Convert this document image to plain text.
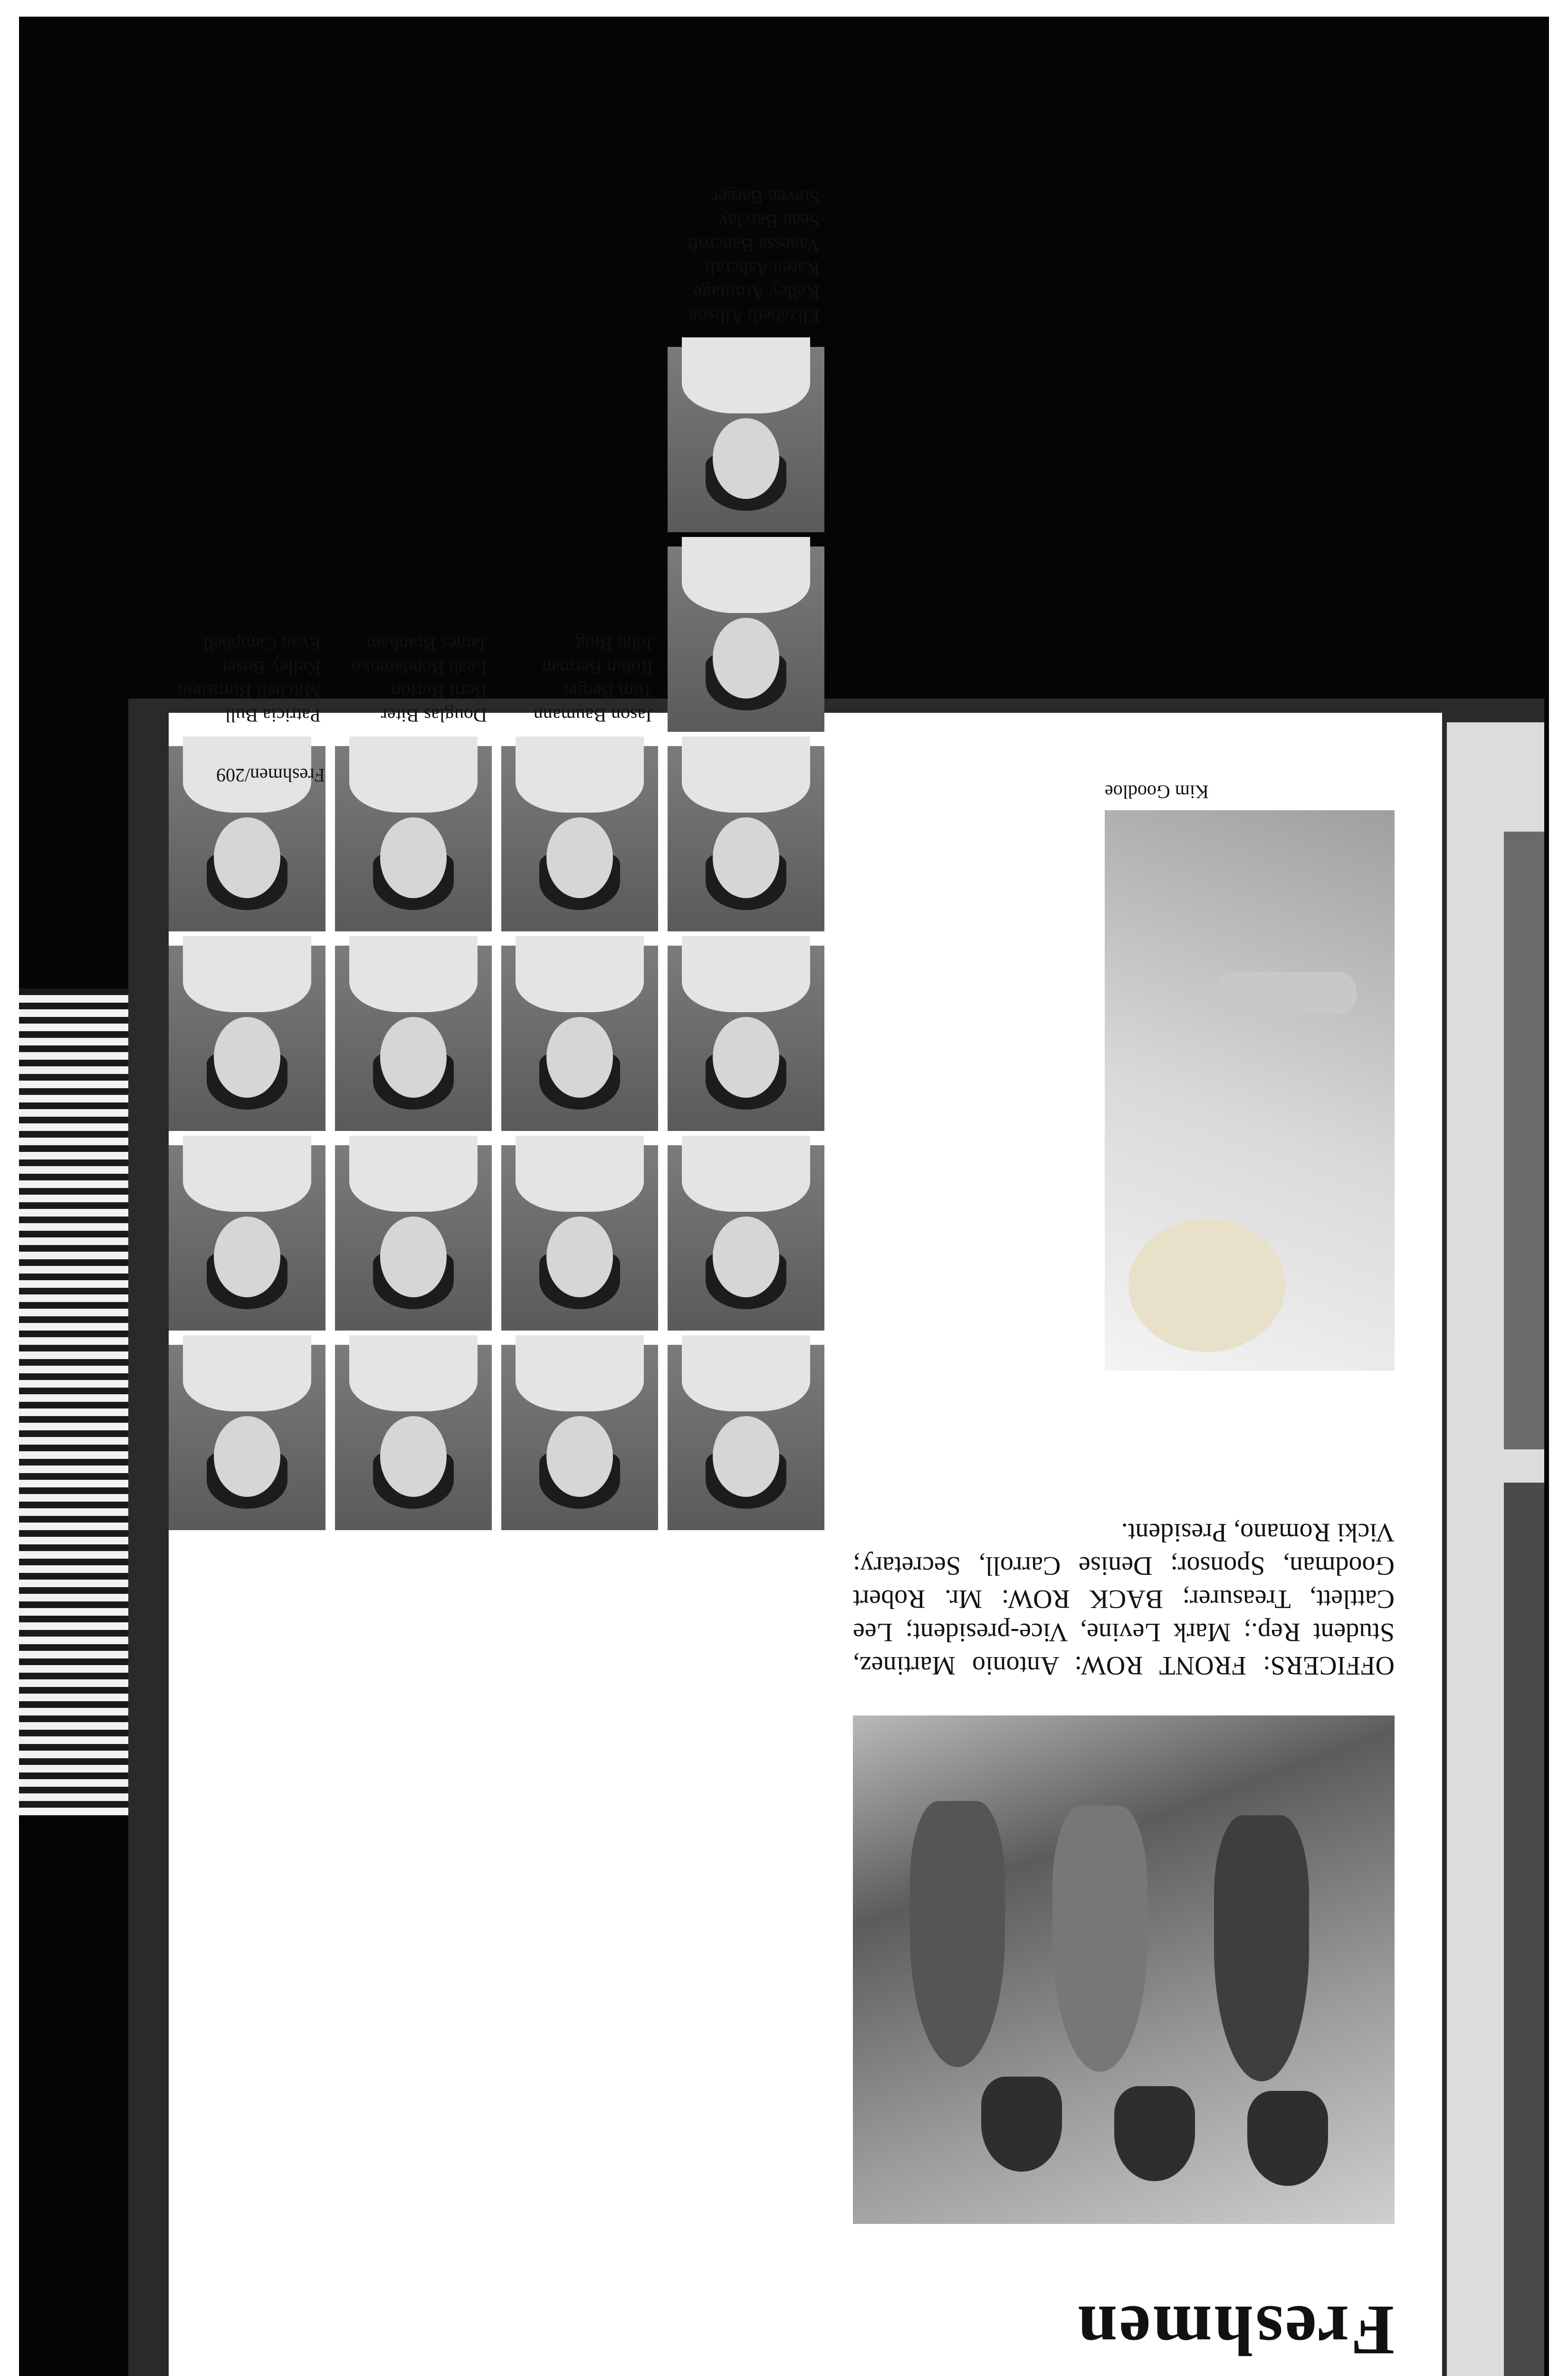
Freshmen
OFFICERS: FRONT ROW: Antonio Martinez, Student Rep.; Mark Levine, Vice-president; Lee Cattlett, Treasurer; BACK ROW: Mr. Robert Goodman, Sponsor; Denise Carroll, Secretary; Vicki Romano, President.
Elizabeth Allison
Kelley Armitage
Karen Ashcraft
Vanessa Bancroft
Sean Barclay
Steven Barger
Jason Baumann
Tom Berger
Robin Berman
John Bing
Douglas Biter
Berit Burton
Leah Bondarenko
James Branham
Patricia Bull
Mitchell Burnstein
Kelley Buser
Evan Campbell
Kim Goodloe
Freshmen/209
